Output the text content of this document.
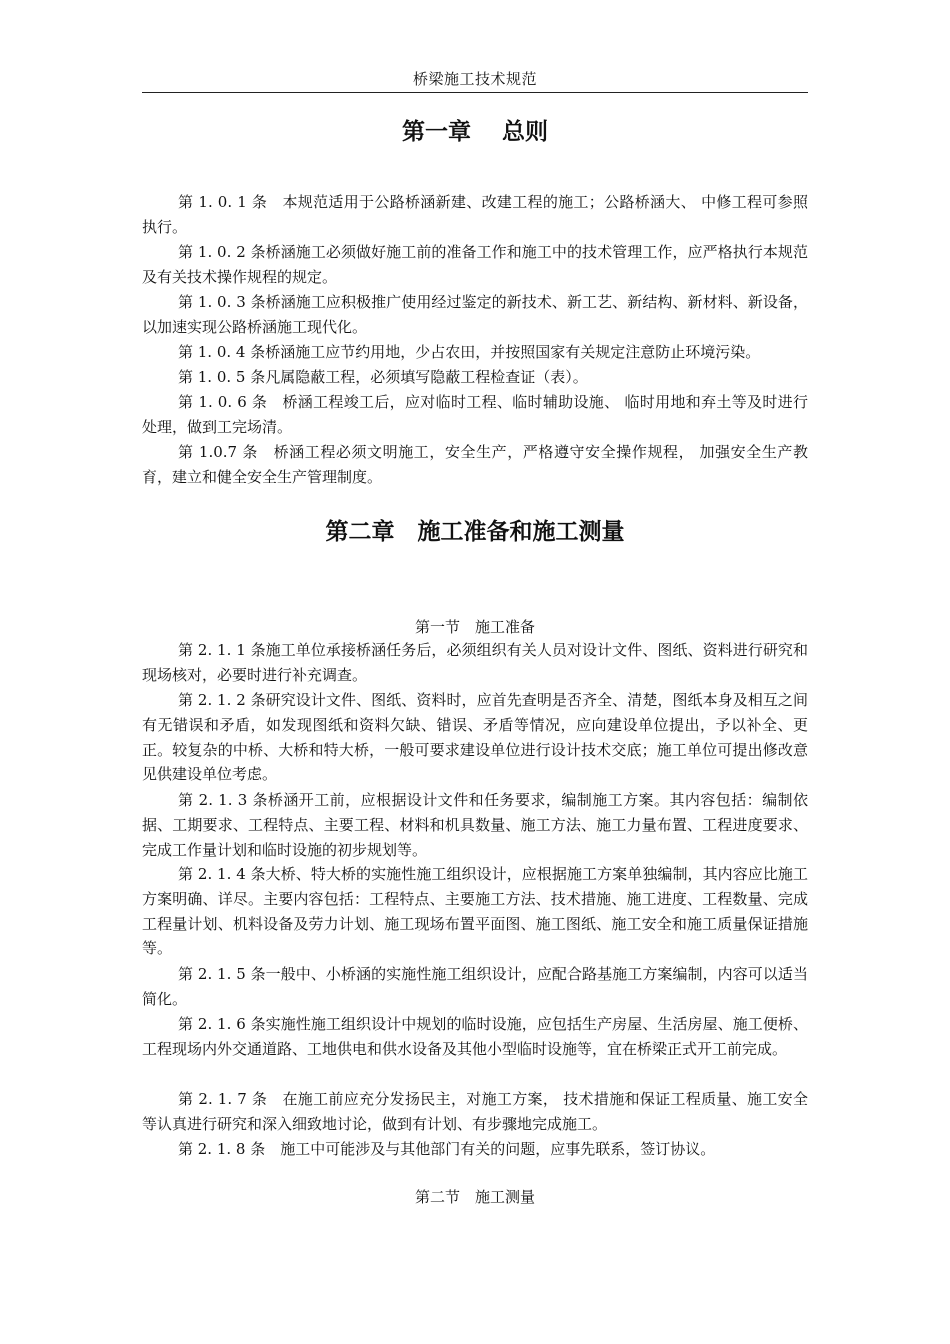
桥梁施工技术规范
第一章 　总则
第 1. 0. 1 条　本规范适用于公路桥涵新建、改建工程的施工；公路桥涵大、 中修工程可参照执行。
第 1. 0. 2 条桥涵施工必须做好施工前的准备工作和施工中的技术管理工作，应严格执行本规范及有关技术操作规程的规定。
第 1. 0. 3 条桥涵施工应积极推广使用经过鉴定的新技术、新工艺、新结构、新材料、新设备，以加速实现公路桥涵施工现代化。
第 1. 0. 4 条桥涵施工应节约用地，少占农田，并按照国家有关规定注意防止环境污染。
第 1. 0. 5 条凡属隐蔽工程，必须填写隐蔽工程检查证（表）。
第 1. 0. 6 条　桥涵工程竣工后，应对临时工程、临时辅助设施、 临时用地和弃土等及时进行处理，做到工完场清。
第 1.0.7 条　桥涵工程必须文明施工，安全生产，严格遵守安全操作规程， 加强安全生产教育，建立和健全安全生产管理制度。
第二章　施工准备和施工测量
第一节　施工准备
第 2. 1. 1 条施工单位承接桥涵任务后，必须组织有关人员对设计文件、图纸、资料进行研究和现场核对，必要时进行补充调查。
第 2. 1. 2 条研究设计文件、图纸、资料时，应首先查明是否齐全、清楚，图纸本身及相互之间有无错误和矛盾，如发现图纸和资料欠缺、错误、矛盾等情况，应向建设单位提出，予以补全、更正。较复杂的中桥、大桥和特大桥，一般可要求建设单位进行设计技术交底；施工单位可提出修改意见供建设单位考虑。
第 2. 1. 3 条桥涵开工前，应根据设计文件和任务要求，编制施工方案。其内容包括：编制依据、工期要求、工程特点、主要工程、材料和机具数量、施工方法、施工力量布置、工程进度要求、完成工作量计划和临时设施的初步规划等。
第 2. 1. 4 条大桥、特大桥的实施性施工组织设计，应根据施工方案单独编制，其内容应比施工方案明确、详尽。主要内容包括：工程特点、主要施工方法、技术措施、施工进度、工程数量、完成工程量计划、机料设备及劳力计划、施工现场布置平面图、施工图纸、施工安全和施工质量保证措施等。
第 2. 1. 5 条一般中、小桥涵的实施性施工组织设计，应配合路基施工方案编制，内容可以适当简化。
第 2. 1. 6 条实施性施工组织设计中规划的临时设施，应包括生产房屋、生活房屋、施工便桥、工程现场内外交通道路、工地供电和供水设备及其他小型临时设施等，宜在桥梁正式开工前完成。
第 2. 1. 7 条　在施工前应充分发扬民主，对施工方案， 技术措施和保证工程质量、施工安全等认真进行研究和深入细致地讨论，做到有计划、有步骤地完成施工。
第 2. 1. 8 条　施工中可能涉及与其他部门有关的问题，应事先联系，签订协议。
第二节　施工测量
